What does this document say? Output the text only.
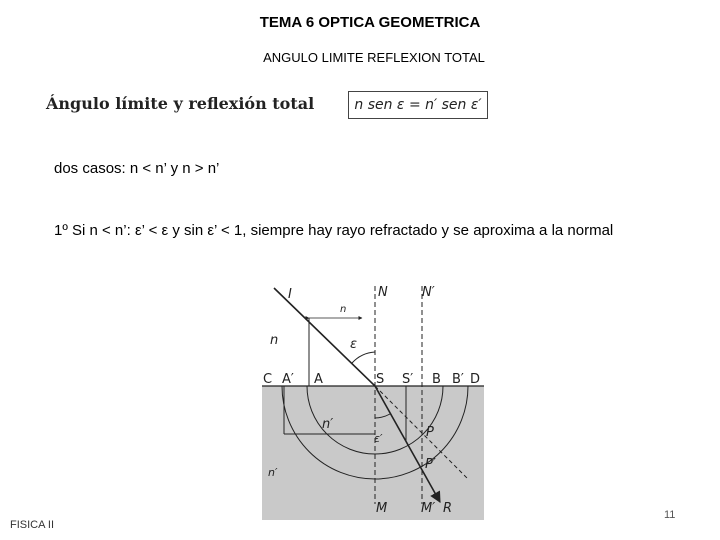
TEMA 6 OPTICA GEOMETRICA
ANGULO LIMITE REFLEXION TOTAL
Ángulo límite y reflexión total	n sen ε = n′ sen ε′
dos casos: n < n’ y n > n’
1º Si n < n’: ε’ < ε y sin ε’ < 1, siempre hay rayo refractado y se aproxima a la normal
I	N	N′
n
ε
n
C A′ A	S S′ B B′ D
n′
ε′	P
P′
n′
M	M′ R
FISICA II
11
